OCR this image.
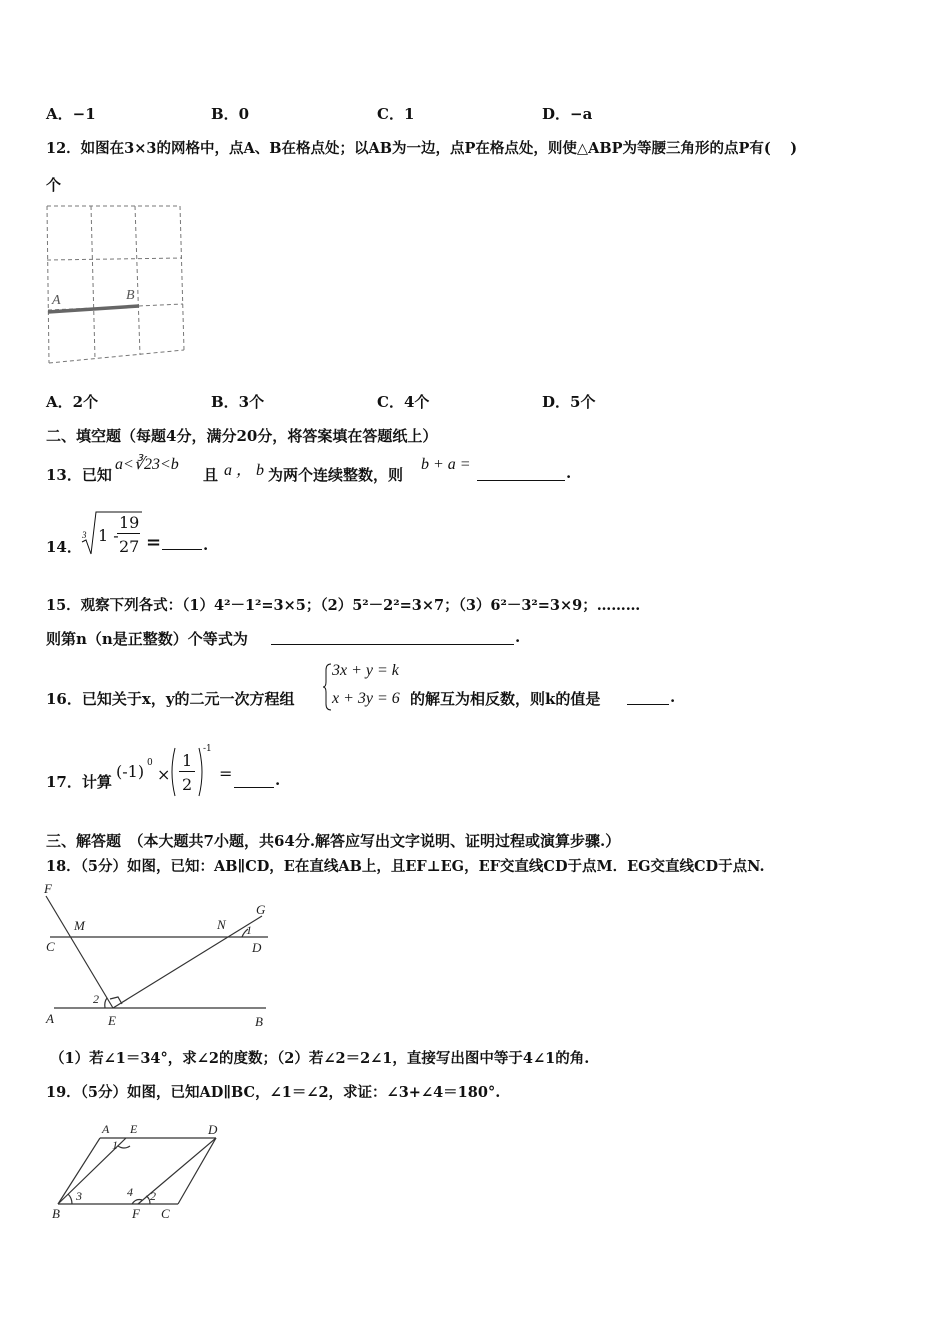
A．−1	B．0	C．1	D．−a
12．如图在3×3的网格中，点A、B在格点处；以AB为一边，点P在格点处，则使△ABP为等腰三角形的点P有(　 )
个
A	B
A．2个	B．3个	C．4个	D．5个
二、填空题（每题4分，满分20分，将答案填在答题纸上）
13．已知
a<∛23<b
且 a ， b 为两个连续整数，则
b + a =	.
14．
3 1 -
19
27 =	.
15．观察下列各式：（1）4²－1²=3×5；（2）5²－2²=3×7；（3）6²－3²=3×9；………
则第n（n是正整数）个等式为	.
16．已知关于x，y的二元一次方程组
3x + y = k
x + 3y = 6 的解互为相反数，则k的值是	.
17．计算
(-1) 0
×
1
2
-1
=	.
三、解答题　（本大题共7小题，共64分.解答应写出文字说明、证明过程或演算步骤.）
18．（5分）如图，已知：AB∥CD，E在直线AB上，且EF⊥EG，EF交直线CD于点M．EG交直线CD于点N.
F
G
M	N
C	D
A	E	B
1
2
（1）若∠1＝34°，求∠2的度数；（2）若∠2＝2∠1，直接写出图中等于4∠1的角.
19．（5分）如图，已知AD∥BC，∠1＝∠2，求证：∠3+∠4＝180°.
A E	D
B	F C
1
2
3	4
